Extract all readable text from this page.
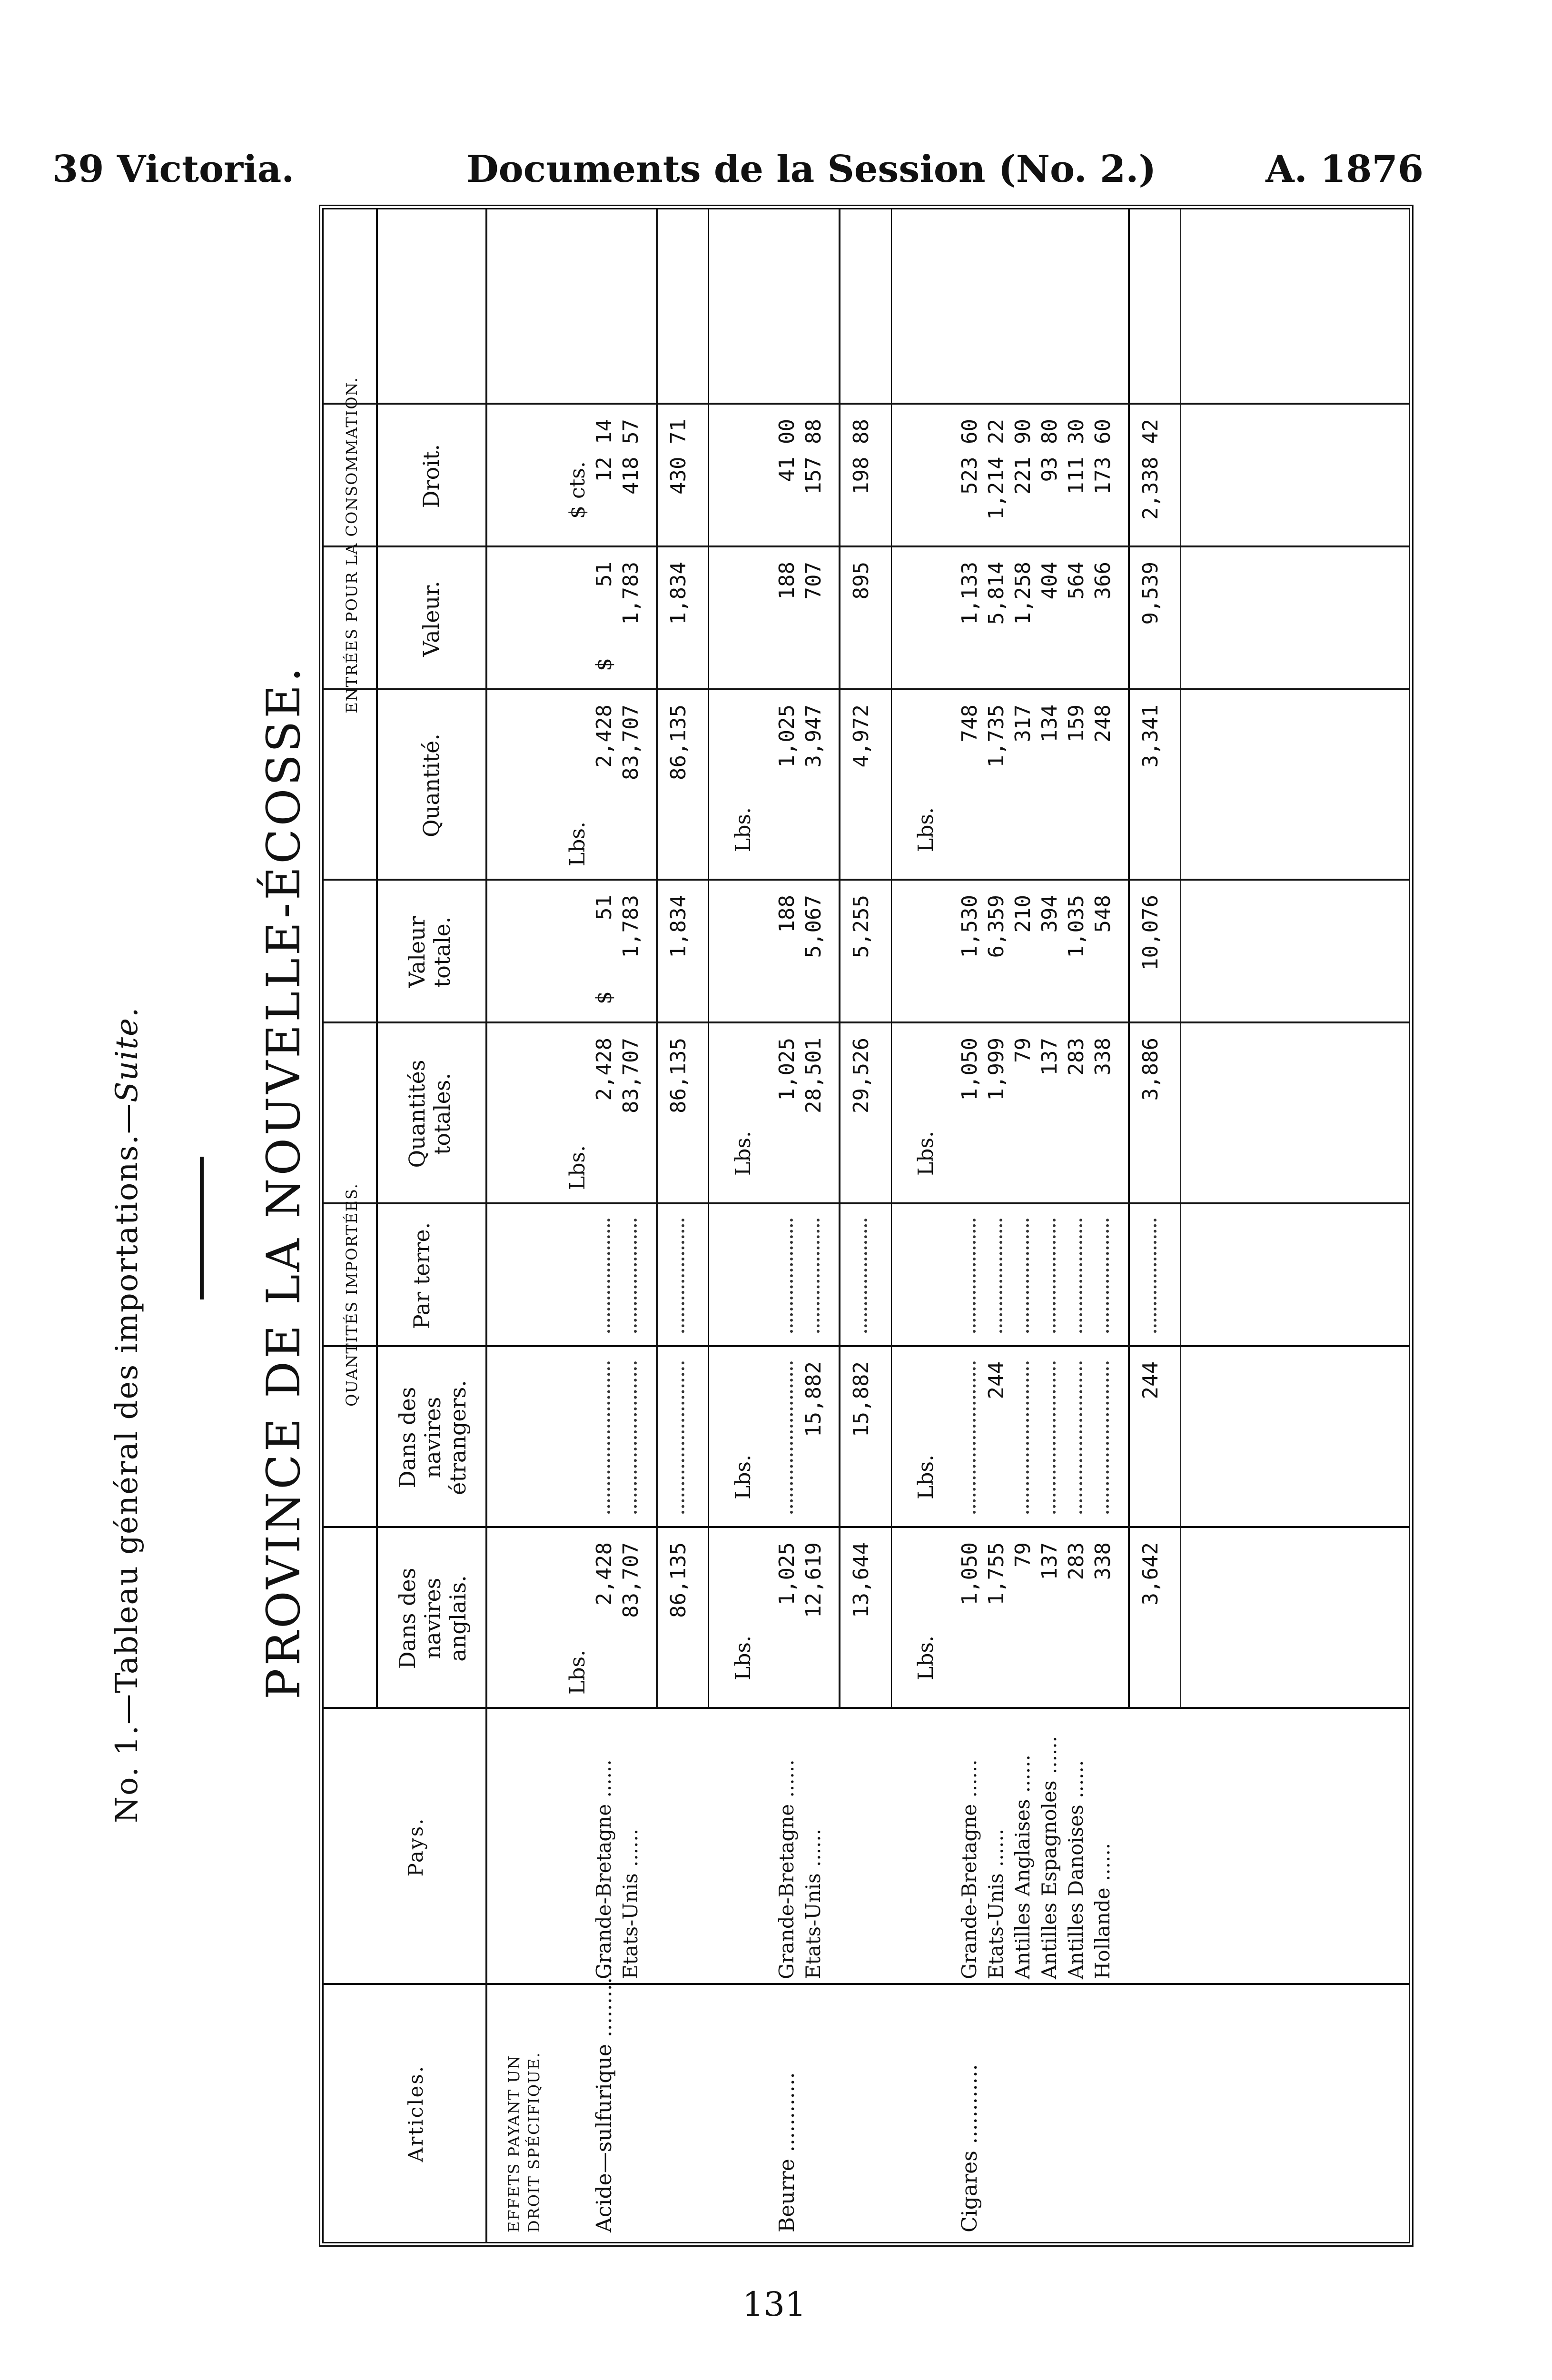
39 Victoria.	Documents de la Session (No. 2.)	A. 1876
No. 1.—Tableau général des importations.—Suite. PROVINCE DE LA NOUVELLE-ÉCOSSE. QUANTITÉS IMPORTÉES.
ENTRÉES POUR LA CONSOMMATION.
Articles.
Pays.
Dans des navires anglais.
Dans des navires étrangers.
Par terre.
Quantités totales.
Valeur totale.
Quantité.
Valeur.
Droit.
EFFETS PAYANT UN DROIT SPÉCIFIQUE.
Lbs.
Lbs.
Lbs.
$
$
$ cts.
Acide—sulfurique ............
Grande-Bretagne ......
2,428
2,428
51
2,428
51
12 14
Etats-Unis ......
83,707
83,707
1,783
83,707
1,783
418 57
86,135
86,135
1,834
86,135
1,834
430 71
Lbs.
Lbs.
Lbs.
Lbs.
Beurre ............
Grande-Bretagne ......
1,025
1,025
188
1,025
188
41 00
Etats-Unis ......
12,619
15,882
28,501
5,067
3,947
707
157 88
13,644
15,882
29,526
5,255
4,972
895
198 88
Lbs.
Lbs.
Lbs.
Lbs.
Cigares ............
Grande-Bretagne ......
1,050
1,050
1,530
748
1,133
523 60
Etats-Unis ......
1,755
244
1,999
6,359
1,735
5,814
1,214 22
Antilles Anglaises ......
79
79
210
317
1,258
221 90
Antilles Espagnoles ......
137
137
394
134
404
93 80
Antilles Danoises ......
283
283
1,035
159
564
111 30
Hollande ......
338
338
548
248
366
173 60
3,642
244
3,886
10,076
3,341
9,539
2,338 42
131
